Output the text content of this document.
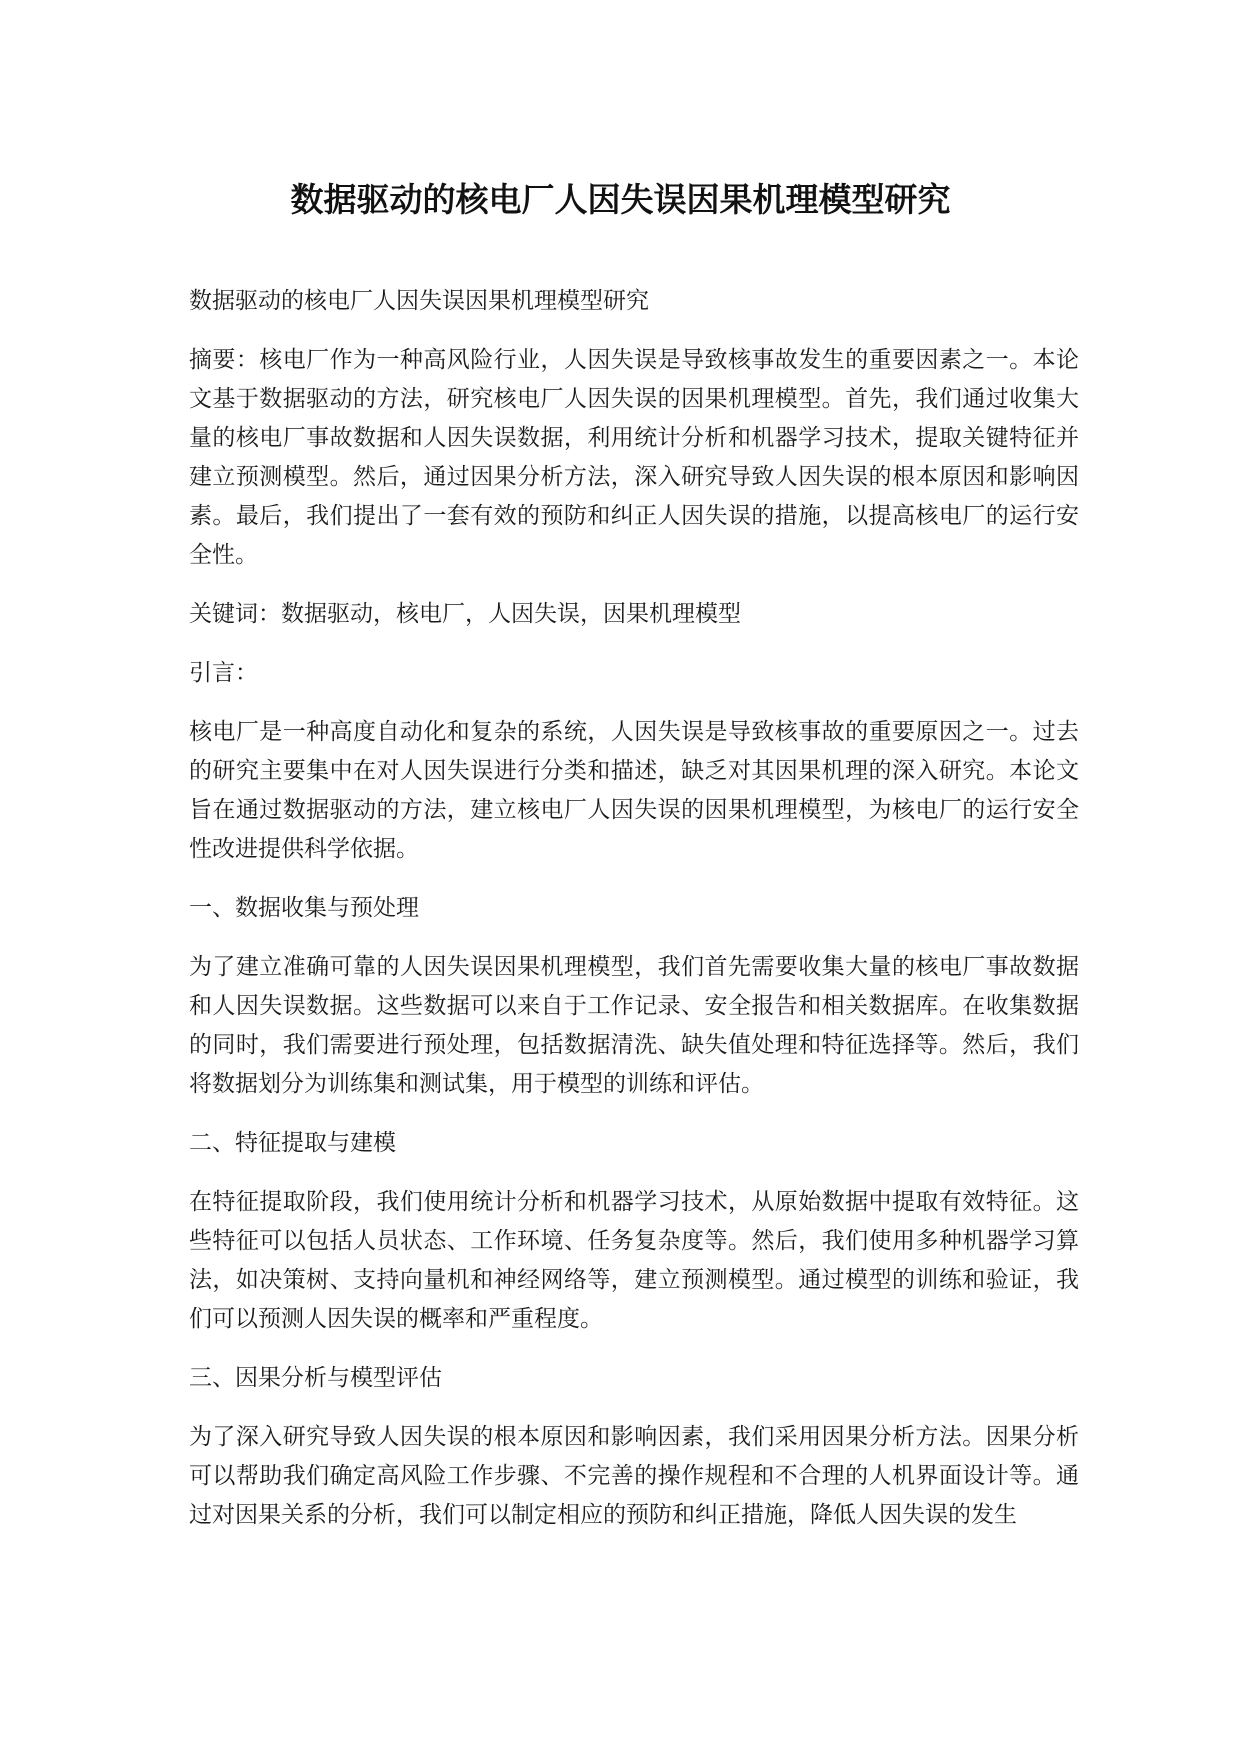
数据驱动的核电厂人因失误因果机理模型研究

数据驱动的核电厂人因失误因果机理模型研究

摘要：核电厂作为一种高风险行业，人因失误是导致核事故发生的重要因素之一。本论文基于数据驱动的方法，研究核电厂人因失误的因果机理模型。首先，我们通过收集大量的核电厂事故数据和人因失误数据，利用统计分析和机器学习技术，提取关键特征并建立预测模型。然后，通过因果分析方法，深入研究导致人因失误的根本原因和影响因素。最后，我们提出了一套有效的预防和纠正人因失误的措施，以提高核电厂的运行安全性。

关键词：数据驱动，核电厂，人因失误，因果机理模型

引言：

核电厂是一种高度自动化和复杂的系统，人因失误是导致核事故的重要原因之一。过去的研究主要集中在对人因失误进行分类和描述，缺乏对其因果机理的深入研究。本论文旨在通过数据驱动的方法，建立核电厂人因失误的因果机理模型，为核电厂的运行安全性改进提供科学依据。

一、数据收集与预处理

为了建立准确可靠的人因失误因果机理模型，我们首先需要收集大量的核电厂事故数据和人因失误数据。这些数据可以来自于工作记录、安全报告和相关数据库。在收集数据的同时，我们需要进行预处理，包括数据清洗、缺失值处理和特征选择等。然后，我们将数据划分为训练集和测试集，用于模型的训练和评估。

二、特征提取与建模

在特征提取阶段，我们使用统计分析和机器学习技术，从原始数据中提取有效特征。这些特征可以包括人员状态、工作环境、任务复杂度等。然后，我们使用多种机器学习算法，如决策树、支持向量机和神经网络等，建立预测模型。通过模型的训练和验证，我们可以预测人因失误的概率和严重程度。

三、因果分析与模型评估

为了深入研究导致人因失误的根本原因和影响因素，我们采用因果分析方法。因果分析可以帮助我们确定高风险工作步骤、不完善的操作规程和不合理的人机界面设计等。通过对因果关系的分析，我们可以制定相应的预防和纠正措施，降低人因失误的发生
